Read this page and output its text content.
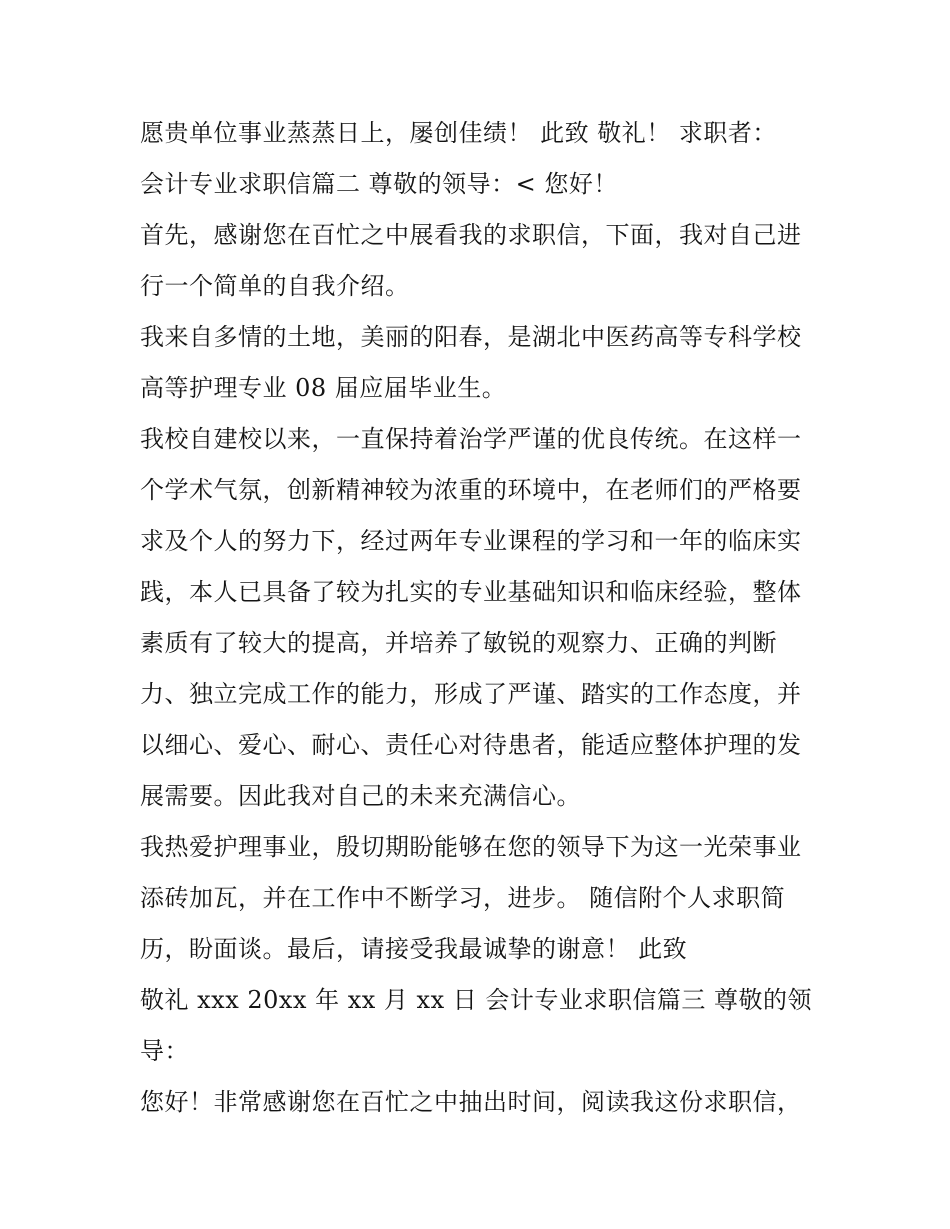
愿贵单位事业蒸蒸日上，屡创佳绩！ 此致 敬礼！ 求职者：
会计专业求职信篇二 尊敬的领导：< 您好！
首先，感谢您在百忙之中展看我的求职信，下面，我对自己进
行一个简单的自我介绍。
我来自多情的土地，美丽的阳春，是湖北中医药高等专科学校
高等护理专业 08 届应届毕业生。
我校自建校以来，一直保持着治学严谨的优良传统。在这样一
个学术气氛，创新精神较为浓重的环境中，在老师们的严格要
求及个人的努力下，经过两年专业课程的学习和一年的临床实
践，本人已具备了较为扎实的专业基础知识和临床经验，整体
素质有了较大的提高，并培养了敏锐的观察力、正确的判断
力、独立完成工作的能力，形成了严谨、踏实的工作态度，并
以细心、爱心、耐心、责任心对待患者，能适应整体护理的发
展需要。因此我对自己的未来充满信心。
我热爱护理事业，殷切期盼能够在您的领导下为这一光荣事业
添砖加瓦，并在工作中不断学习，进步。 随信附个人求职简
历，盼面谈。最后，请接受我最诚挚的谢意！ 此致
敬礼 xxx 20xx 年 xx 月 xx 日 会计专业求职信篇三 尊敬的领
导：
您好！非常感谢您在百忙之中抽出时间，阅读我这份求职信，
